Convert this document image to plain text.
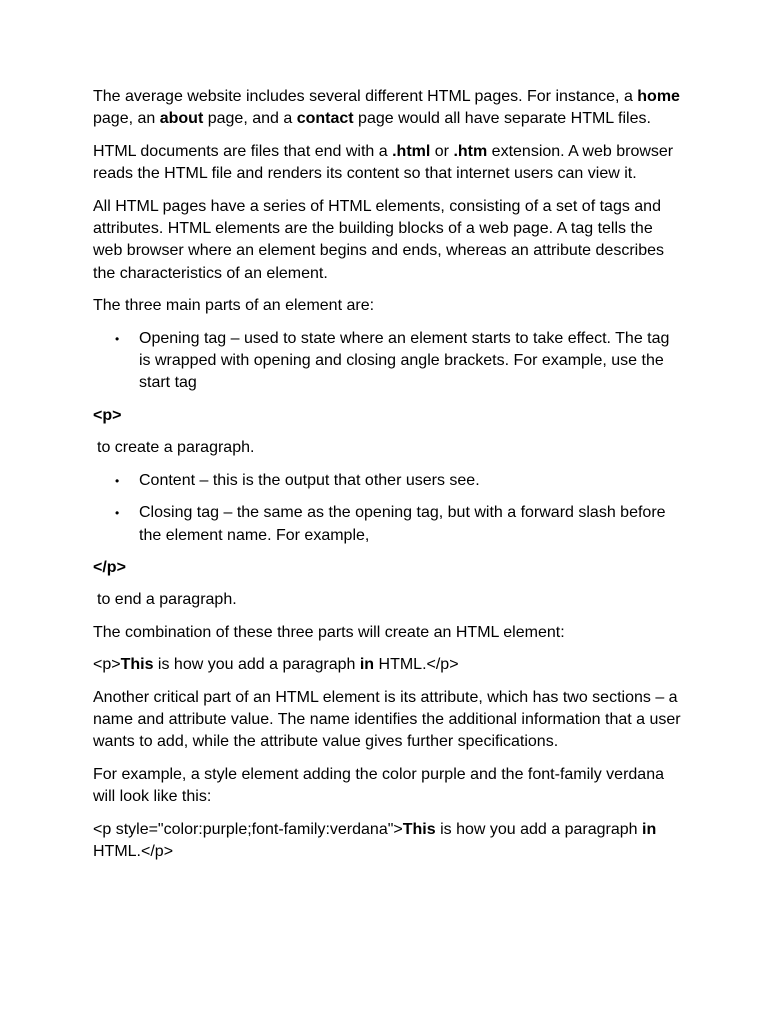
The average website includes several different HTML pages. For instance, a home page, an about page, and a contact page would all have separate HTML files.

HTML documents are files that end with a .html or .htm extension. A web browser reads the HTML file and renders its content so that internet users can view it.

All HTML pages have a series of HTML elements, consisting of a set of tags and attributes. HTML elements are the building blocks of a web page. A tag tells the web browser where an element begins and ends, whereas an attribute describes the characteristics of an element.

The three main parts of an element are:

• Opening tag – used to state where an element starts to take effect. The tag is wrapped with opening and closing angle brackets. For example, use the start tag

<p>

to create a paragraph.

• Content – this is the output that other users see.
• Closing tag – the same as the opening tag, but with a forward slash before the element name. For example,

</p>

to end a paragraph.

The combination of these three parts will create an HTML element:

<p>This is how you add a paragraph in HTML.</p>

Another critical part of an HTML element is its attribute, which has two sections – a name and attribute value. The name identifies the additional information that a user wants to add, while the attribute value gives further specifications.

For example, a style element adding the color purple and the font-family verdana will look like this:

<p style="color:purple;font-family:verdana">This is how you add a paragraph in HTML.</p>
